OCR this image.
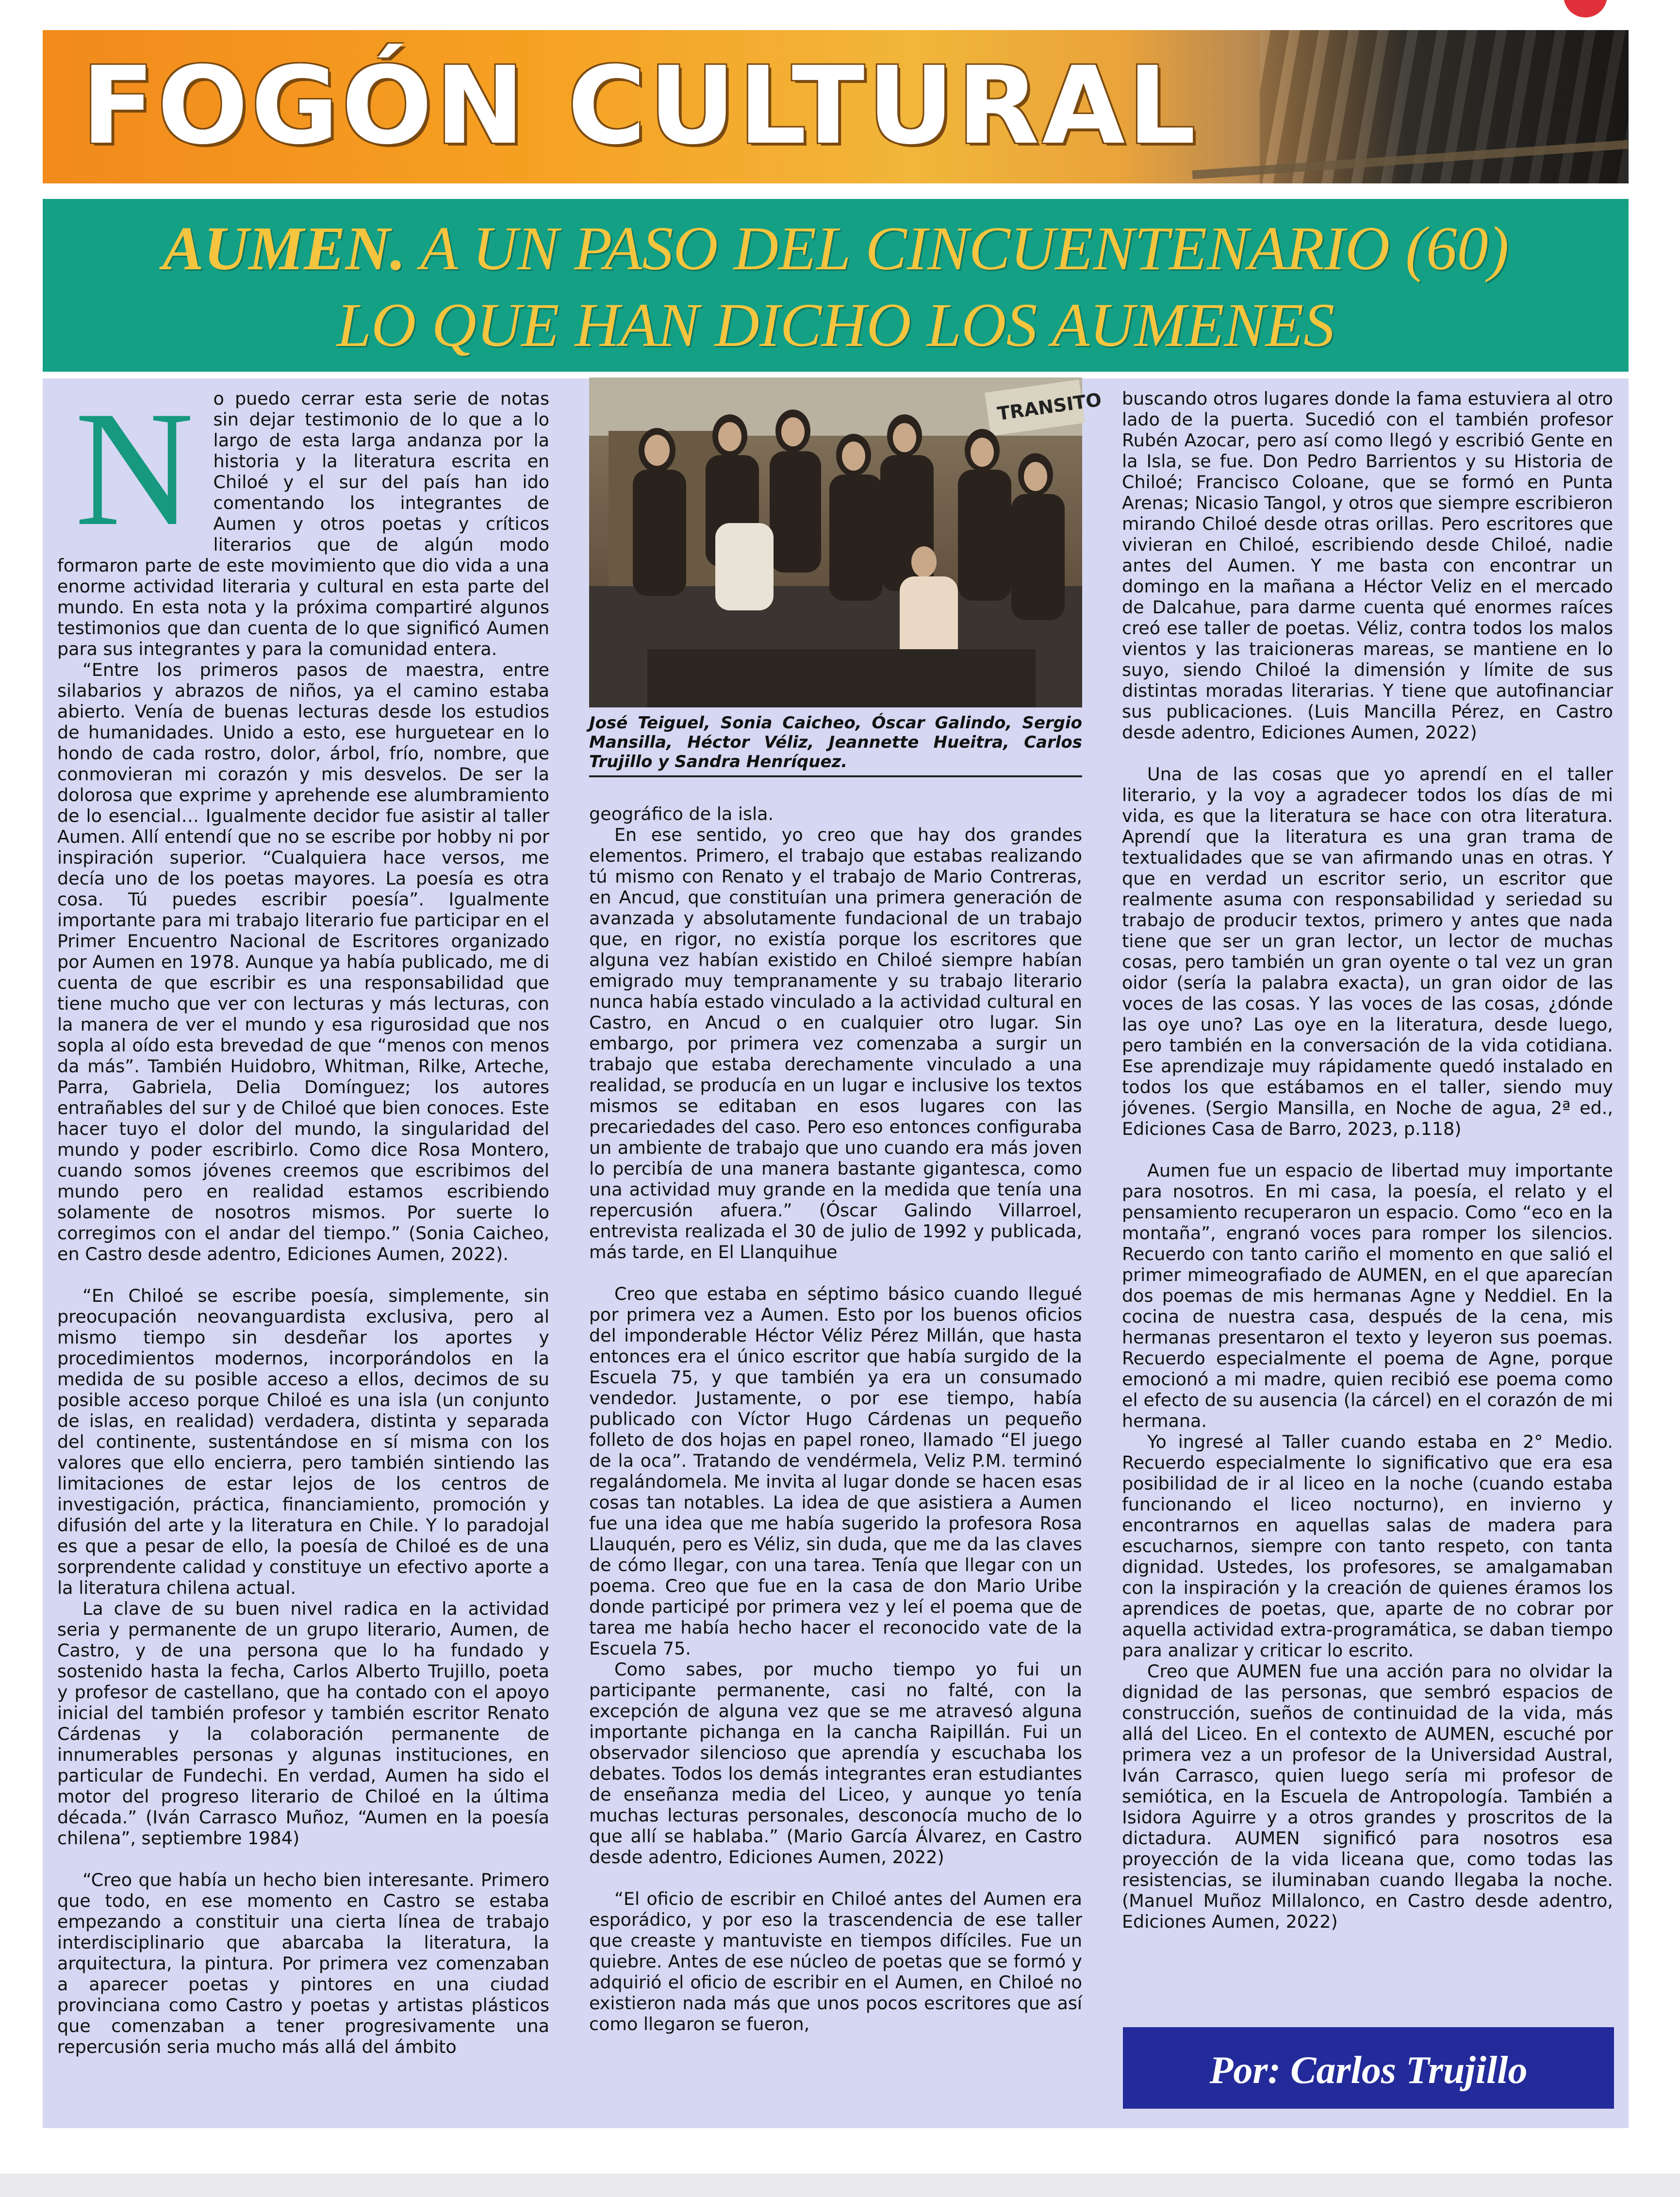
FOGÓN CULTURAL
AUMEN. A UN PASO DEL CINCUENTENARIO (60)
LO QUE HAN DICHO LOS AUMENES
N	o puedo cerrar esta serie de notas sin dejar testimonio de lo que a lo largo de esta larga andanza por la historia y la literatura escrita en Chiloé y el sur del país han ido comentando los integrantes de Aumen y otros poetas y críticos literarios que de algún modo formaron parte de este movimiento que dio vida a una enorme actividad literaria y cultural en esta parte del mundo. En esta nota y la próxima compartiré algunos testimonios que dan cuenta de lo que significó Aumen para sus integrantes y para la comunidad entera.

“Entre los primeros pasos de maestra, entre silabarios y abrazos de niños, ya el camino estaba abierto. Venía de buenas lecturas desde los estudios de humanidades. Unido a esto, ese hurguetear en lo hondo de cada rostro, dolor, árbol, frío, nombre, que conmovieran mi corazón y mis desvelos. De ser la dolorosa que exprime y aprehende ese alumbramiento de lo esencial… Igualmente decidor fue asistir al taller Aumen. Allí entendí que no se escribe por hobby ni por inspiración superior. “Cualquiera hace versos, me decía uno de los poetas mayores. La poesía es otra cosa. Tú puedes escribir poesía”. Igualmente importante para mi trabajo literario fue participar en el Primer Encuentro Nacional de Escritores organizado por Aumen en 1978. Aunque ya había publicado, me di cuenta de que escribir es una responsabilidad que tiene mucho que ver con lecturas y más lecturas, con la manera de ver el mundo y esa rigurosidad que nos sopla al oído esta brevedad de que “menos con menos da más”. También Huidobro, Whitman, Rilke, Arteche, Parra, Gabriela, Delia Domínguez; los autores entrañables del sur y de Chiloé que bien conoces. Este hacer tuyo el dolor del mundo, la singularidad del mundo y poder escribirlo. Como dice Rosa Montero, cuando somos jóvenes creemos que escribimos del mundo pero en realidad estamos escribiendo solamente de nosotros mismos. Por suerte lo corregimos con el andar del tiempo.” (Sonia Caicheo, en Castro desde adentro, Ediciones Aumen, 2022).

“En Chiloé se escribe poesía, simplemente, sin preocupación neovanguardista exclusiva, pero al mismo tiempo sin desdeñar los aportes y procedimientos modernos, incorporándolos en la medida de su posible acceso a ellos, decimos de su posible acceso porque Chiloé es una isla (un conjunto de islas, en realidad) verdadera, distinta y separada del continente, sustentándose en sí misma con los valores que ello encierra, pero también sintiendo las limitaciones de estar lejos de los centros de investigación, práctica, financiamiento, promoción y difusión del arte y la literatura en Chile. Y lo paradojal es que a pesar de ello, la poesía de Chiloé es de una sorprendente calidad y constituye un efectivo aporte a la literatura chilena actual.

La clave de su buen nivel radica en la actividad seria y permanente de un grupo literario, Aumen, de Castro, y de una persona que lo ha fundado y sostenido hasta la fecha, Carlos Alberto Trujillo, poeta y profesor de castellano, que ha contado con el apoyo inicial del también profesor y también escritor Renato Cárdenas y la colaboración permanente de innumerables personas y algunas instituciones, en particular de Fundechi. En verdad, Aumen ha sido el motor del progreso literario de Chiloé en la última década.” (Iván Carrasco Muñoz, “Aumen en la poesía chilena”, septiembre 1984)

“Creo que había un hecho bien interesante. Primero que todo, en ese momento en Castro se estaba empezando a constituir una cierta línea de trabajo interdisciplinario que abarcaba la literatura, la arquitectura, la pintura. Por primera vez comenzaban a aparecer poetas y pintores en una ciudad provinciana como Castro y poetas y artistas plásticos que comenzaban a tener progresivamente una repercusión seria mucho más allá del ámbito

TRANSITO
José Teiguel, Sonia Caicheo, Óscar Galindo, Sergio Mansilla, Héctor Véliz, Jeannette Hueitra, Carlos Trujillo y Sandra Henríquez.

geográfico de la isla.

En ese sentido, yo creo que hay dos grandes elementos. Primero, el trabajo que estabas realizando tú mismo con Renato y el trabajo de Mario Contreras, en Ancud, que constituían una primera generación de avanzada y absolutamente fundacional de un trabajo que, en rigor, no existía porque los escritores que alguna vez habían existido en Chiloé siempre habían emigrado muy tempranamente y su trabajo literario nunca había estado vinculado a la actividad cultural en Castro, en Ancud o en cualquier otro lugar. Sin embargo, por primera vez comenzaba a surgir un trabajo que estaba derechamente vinculado a una realidad, se producía en un lugar e inclusive los textos mismos se editaban en esos lugares con las precariedades del caso. Pero eso entonces configuraba un ambiente de trabajo que uno cuando era más joven lo percibía de una manera bastante gigantesca, como una actividad muy grande en la medida que tenía una repercusión afuera.” (Óscar Galindo Villarroel, entrevista realizada el 30 de julio de 1992 y publicada, más tarde, en El Llanquihue

Creo que estaba en séptimo básico cuando llegué por primera vez a Aumen. Esto por los buenos oficios del imponderable Héctor Véliz Pérez Millán, que hasta entonces era el único escritor que había surgido de la Escuela 75, y que también ya era un consumado vendedor. Justamente, o por ese tiempo, había publicado con Víctor Hugo Cárdenas un pequeño folleto de dos hojas en papel roneo, llamado “El juego de la oca”. Tratando de vendérmela, Veliz P.M. terminó regalándomela. Me invita al lugar donde se hacen esas cosas tan notables. La idea de que asistiera a Aumen fue una idea que me había sugerido la profesora Rosa Llauquén, pero es Véliz, sin duda, que me da las claves de cómo llegar, con una tarea. Tenía que llegar con un poema. Creo que fue en la casa de don Mario Uribe donde participé por primera vez y leí el poema que de tarea me había hecho hacer el reconocido vate de la Escuela 75.

Como sabes, por mucho tiempo yo fui un participante permanente, casi no falté, con la excepción de alguna vez que se me atravesó alguna importante pichanga en la cancha Raipillán. Fui un observador silencioso que aprendía y escuchaba los debates. Todos los demás integrantes eran estudiantes de enseñanza media del Liceo, y aunque yo tenía muchas lecturas personales, desconocía mucho de lo que allí se hablaba.” (Mario García Álvarez, en Castro desde adentro, Ediciones Aumen, 2022)

“El oficio de escribir en Chiloé antes del Aumen era esporádico, y por eso la trascendencia de ese taller que creaste y mantuviste en tiempos difíciles. Fue un quiebre. Antes de ese núcleo de poetas que se formó y adquirió el oficio de escribir en el Aumen, en Chiloé no existieron nada más que unos pocos escritores que así como llegaron se fueron,

buscando otros lugares donde la fama estuviera al otro lado de la puerta. Sucedió con el también profesor Rubén Azocar, pero así como llegó y escribió Gente en la Isla, se fue. Don Pedro Barrientos y su Historia de Chiloé; Francisco Coloane, que se formó en Punta Arenas; Nicasio Tangol, y otros que siempre escribieron mirando Chiloé desde otras orillas. Pero escritores que vivieran en Chiloé, escribiendo desde Chiloé, nadie antes del Aumen. Y me basta con encontrar un domingo en la mañana a Héctor Veliz en el mercado de Dalcahue, para darme cuenta qué enormes raíces creó ese taller de poetas. Véliz, contra todos los malos vientos y las traicioneras mareas, se mantiene en lo suyo, siendo Chiloé la dimensión y límite de sus distintas moradas literarias. Y tiene que autofinanciar sus publicaciones. (Luis Mancilla Pérez, en Castro desde adentro, Ediciones Aumen, 2022)

Una de las cosas que yo aprendí en el taller literario, y la voy a agradecer todos los días de mi vida, es que la literatura se hace con otra literatura. Aprendí que la literatura es una gran trama de textualidades que se van afirmando unas en otras. Y que en verdad un escritor serio, un escritor que realmente asuma con responsabilidad y seriedad su trabajo de producir textos, primero y antes que nada tiene que ser un gran lector, un lector de muchas cosas, pero también un gran oyente o tal vez un gran oidor (sería la palabra exacta), un gran oidor de las voces de las cosas. Y las voces de las cosas, ¿dónde las oye uno? Las oye en la literatura, desde luego, pero también en la conversación de la vida cotidiana. Ese aprendizaje muy rápidamente quedó instalado en todos los que estábamos en el taller, siendo muy jóvenes. (Sergio Mansilla, en Noche de agua, 2ª ed., Ediciones Casa de Barro, 2023, p.118)

Aumen fue un espacio de libertad muy importante para nosotros. En mi casa, la poesía, el relato y el pensamiento recuperaron un espacio. Como “eco en la montaña”, engranó voces para romper los silencios. Recuerdo con tanto cariño el momento en que salió el primer mimeografiado de AUMEN, en el que aparecían dos poemas de mis hermanas Agne y Neddiel. En la cocina de nuestra casa, después de la cena, mis hermanas presentaron el texto y leyeron sus poemas. Recuerdo especialmente el poema de Agne, porque emocionó a mi madre, quien recibió ese poema como el efecto de su ausencia (la cárcel) en el corazón de mi hermana.

Yo ingresé al Taller cuando estaba en 2° Medio. Recuerdo especialmente lo significativo que era esa posibilidad de ir al liceo en la noche (cuando estaba funcionando el liceo nocturno), en invierno y encontrarnos en aquellas salas de madera para escucharnos, siempre con tanto respeto, con tanta dignidad. Ustedes, los profesores, se amalgamaban con la inspiración y la creación de quienes éramos los aprendices de poetas, que, aparte de no cobrar por aquella actividad extra-programática, se daban tiempo para analizar y criticar lo escrito.

Creo que AUMEN fue una acción para no olvidar la dignidad de las personas, que sembró espacios de construcción, sueños de continuidad de la vida, más allá del Liceo. En el contexto de AUMEN, escuché por primera vez a un profesor de la Universidad Austral, Iván Carrasco, quien luego sería mi profesor de semiótica, en la Escuela de Antropología. También a Isidora Aguirre y a otros grandes y proscritos de la dictadura. AUMEN significó para nosotros esa proyección de la vida liceana que, como todas las resistencias, se iluminaban cuando llegaba la noche. (Manuel Muñoz Millalonco, en Castro desde adentro, Ediciones Aumen, 2022)

Por: Carlos Trujillo
